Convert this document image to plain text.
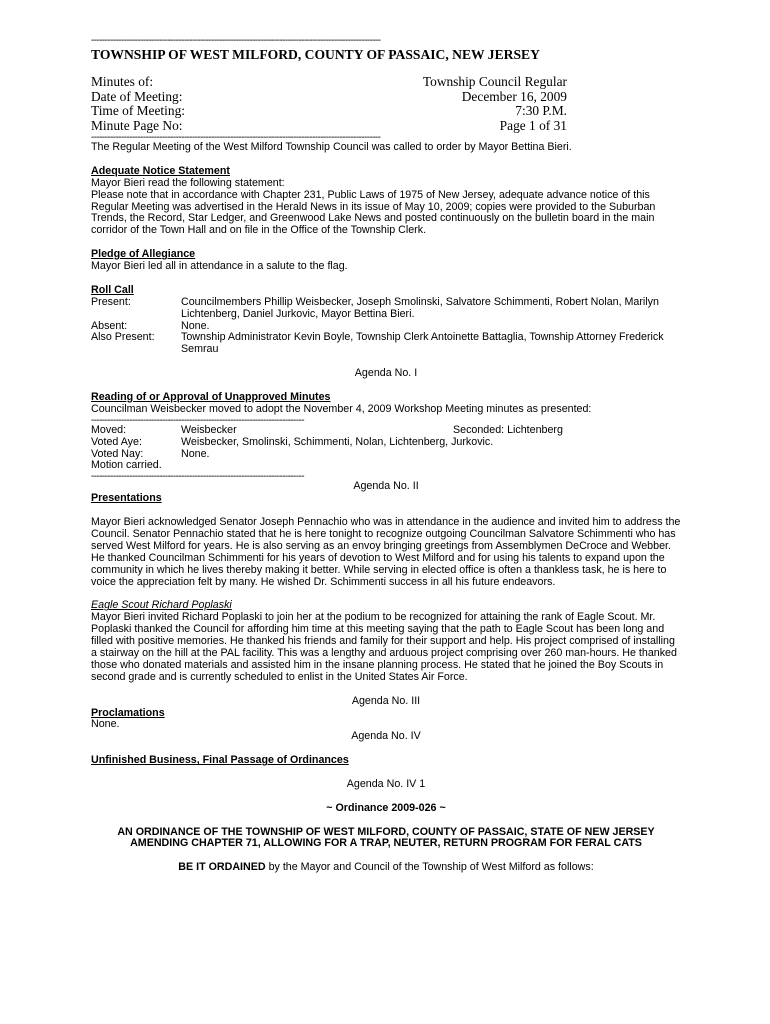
----------------------------------------------------------------------------------------------------------
TOWNSHIP OF WEST MILFORD, COUNTY OF PASSAIC, NEW JERSEY
Minutes of:	Township Council Regular
Date of Meeting:	December 16, 2009
Time of Meeting:	7:30 P.M.
Minute Page No:	Page 1 of 31
----------------------------------------------------------------------------------------------------------

The Regular Meeting of the West Milford Township Council was called to order by Mayor Bettina Bieri.

Adequate Notice Statement

Mayor Bieri read the following statement:

Please note that in accordance with Chapter 231, Public Laws of 1975 of New Jersey, adequate advance notice of this Regular Meeting was advertised in the Herald News in its issue of May 10, 2009; copies were provided to the Suburban Trends, the Record, Star Ledger, and Greenwood Lake News and posted continuously on the bulletin board in the main corridor of the Town Hall and on file in the Office of the Township Clerk.

Pledge of Allegiance

Mayor Bieri led all in attendance in a salute to the flag.

Roll Call

Present:	Councilmembers Phillip Weisbecker, Joseph Smolinski, Salvatore Schimmenti, Robert Nolan, Marilyn Lichtenberg, Daniel Jurkovic, Mayor Bettina Bieri.
Absent:	None.
Also Present:	Township Administrator Kevin Boyle, Township Clerk Antoinette Battaglia, Township Attorney Frederick Semrau

Agenda No. I

Reading of or Approval of Unapproved Minutes

Councilman Weisbecker moved to adopt the November 4, 2009 Workshop Meeting minutes as presented:

------------------------------------------------------------------------------
Moved:	Weisbecker	Seconded: Lichtenberg
Voted Aye:	Weisbecker, Smolinski, Schimmenti, Nolan, Lichtenberg, Jurkovic.
Voted Nay:	None.

Motion carried.

------------------------------------------------------------------------------

Agenda No. II

Presentations

Mayor Bieri acknowledged Senator Joseph Pennachio who was in attendance in the audience and invited him to address the Council. Senator Pennachio stated that he is here tonight to recognize outgoing Councilman Salvatore Schimmenti who has served West Milford for years. He is also serving as an envoy bringing greetings from Assemblymen DeCroce and Webber. He thanked Councilman Schimmenti for his years of devotion to West Milford and for using his talents to expand upon the community in which he lives thereby making it better. While serving in elected office is often a thankless task, he is here to voice the appreciation felt by many. He wished Dr. Schimmenti success in all his future endeavors.

Eagle Scout Richard Poplaski

Mayor Bieri invited Richard Poplaski to join her at the podium to be recognized for attaining the rank of Eagle Scout. Mr. Poplaski thanked the Council for affording him time at this meeting saying that the path to Eagle Scout has been long and filled with positive memories. He thanked his friends and family for their support and help. His project comprised of installing a stairway on the hill at the PAL facility. This was a lengthy and arduous project comprising over 260 man-hours. He thanked those who donated materials and assisted him in the insane planning process. He stated that he joined the Boy Scouts in second grade and is currently scheduled to enlist in the United States Air Force.

Agenda No. III

Proclamations

None.

Agenda No. IV

Unfinished Business, Final Passage of Ordinances

Agenda No. IV 1

~ Ordinance 2009-026 ~

AN ORDINANCE OF THE TOWNSHIP OF WEST MILFORD, COUNTY OF PASSAIC, STATE OF NEW JERSEY AMENDING CHAPTER 71, ALLOWING FOR A TRAP, NEUTER, RETURN PROGRAM FOR FERAL CATS

BE IT ORDAINED by the Mayor and Council of the Township of West Milford as follows:
